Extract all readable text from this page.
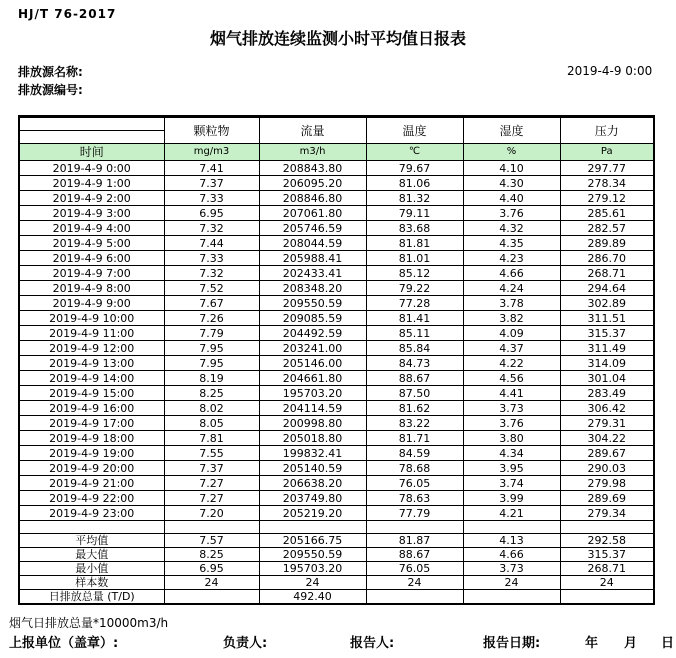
HJ/T 76-2017
烟气排放连续监测小时平均值日报表
排放源名称:
排放源编号:
2019-4-9 0:00
	颗粒物	流量	温度	湿度	压力

时间	mg/m3	m3/h	℃	%	Pa
2019-4-9 0:00	7.41	208843.80	79.67	4.10	297.77
2019-4-9 1:00	7.37	206095.20	81.06	4.30	278.34
2019-4-9 2:00	7.33	208846.80	81.32	4.40	279.12
2019-4-9 3:00	6.95	207061.80	79.11	3.76	285.61
2019-4-9 4:00	7.32	205746.59	83.68	4.32	282.57
2019-4-9 5:00	7.44	208044.59	81.81	4.35	289.89
2019-4-9 6:00	7.33	205988.41	81.01	4.23	286.70
2019-4-9 7:00	7.32	202433.41	85.12	4.66	268.71
2019-4-9 8:00	7.52	208348.20	79.22	4.24	294.64
2019-4-9 9:00	7.67	209550.59	77.28	3.78	302.89
2019-4-9 10:00	7.26	209085.59	81.41	3.82	311.51
2019-4-9 11:00	7.79	204492.59	85.11	4.09	315.37
2019-4-9 12:00	7.95	203241.00	85.84	4.37	311.49
2019-4-9 13:00	7.95	205146.00	84.73	4.22	314.09
2019-4-9 14:00	8.19	204661.80	88.67	4.56	301.04
2019-4-9 15:00	8.25	195703.20	87.50	4.41	283.49
2019-4-9 16:00	8.02	204114.59	81.62	3.73	306.42
2019-4-9 17:00	8.05	200998.80	83.22	3.76	279.31
2019-4-9 18:00	7.81	205018.80	81.71	3.80	304.22
2019-4-9 19:00	7.55	199832.41	84.59	4.34	289.67
2019-4-9 20:00	7.37	205140.59	78.68	3.95	290.03
2019-4-9 21:00	7.27	206638.20	76.05	3.74	279.98
2019-4-9 22:00	7.27	203749.80	78.63	3.99	289.69
2019-4-9 23:00	7.20	205219.20	77.79	4.21	279.34

平均值	7.57	205166.75	81.87	4.13	292.58
最大值	8.25	209550.59	88.67	4.66	315.37
最小值	6.95	195703.20	76.05	3.73	268.71
样本数	24	24	24	24	24
日排放总量 (T/D)		492.40			
烟气日排放总量*10000m3/h
上报单位（盖章）:	负责人:	报告人:	报告日期:	年 月 日
